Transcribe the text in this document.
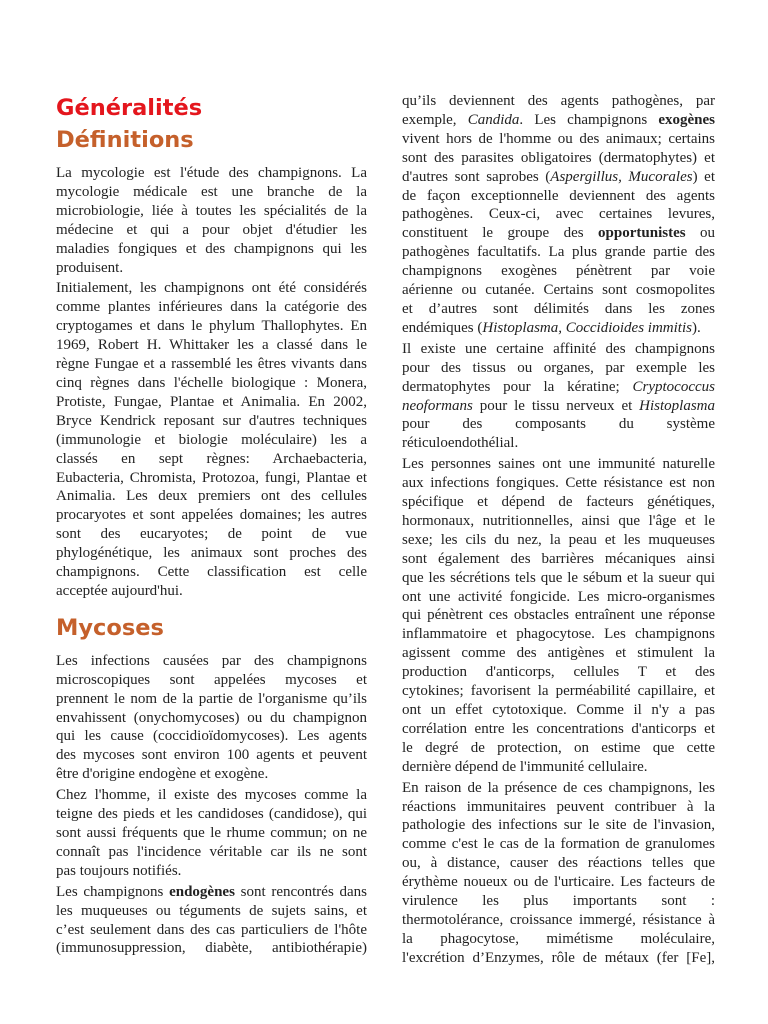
Généralités
Définitions
La mycologie est l'étude des champignons. La
mycologie médicale est une branche de la
microbiologie, liée à toutes les spécialités de la
médecine et qui a pour objet d'étudier les
maladies fongiques et des champignons qui les
produisent.
Initialement, les champignons ont été considérés
comme plantes inférieures dans la catégorie des
cryptogames et dans le phylum Thallophytes. En
1969, Robert H. Whittaker les a classé dans le
règne Fungae et a rassemblé les êtres vivants dans
cinq règnes dans l'échelle biologique : Monera,
Protiste, Fungae, Plantae et Animalia. En 2002,
Bryce Kendrick reposant sur d'autres techniques
(immunologie et biologie moléculaire) les a
classés en sept règnes: Archaebacteria,
Eubacteria, Chromista, Protozoa, fungi, Plantae et
Animalia. Les deux premiers ont des cellules
procaryotes et sont appelées domaines; les autres
sont des eucaryotes; de point de vue
phylogénétique, les animaux sont proches des
champignons. Cette classification est celle
acceptée aujourd'hui.
Mycoses
Les infections causées par des champignons
microscopiques sont appelées mycoses et
prennent le nom de la partie de l'organisme qu’ils
envahissent (onychomycoses) ou du champignon
qui les cause (coccidioïdomycoses). Les agents
des mycoses sont environ 100 agents et peuvent
être d'origine endogène et exogène.
Chez l'homme, il existe des mycoses comme la
teigne des pieds et les candidoses (candidose), qui
sont aussi fréquents que le rhume commun; on ne
connaît pas l'incidence véritable car ils ne sont
pas toujours notifiés.
Les champignons endogènes sont rencontrés dans
les muqueuses ou téguments de sujets sains, et
c’est seulement dans des cas particuliers de l'hôte
(immunosuppression, diabète, antibiothérapie)
qu’ils deviennent des agents pathogènes, par
exemple, Candida. Les champignons exogènes
vivent hors de l'homme ou des animaux; certains
sont des parasites obligatoires (dermatophytes) et
d'autres sont saprobes (Aspergillus, Mucorales) et
de façon exceptionnelle deviennent des agents
pathogènes. Ceux-ci, avec certaines levures,
constituent le groupe des opportunistes ou
pathogènes facultatifs. La plus grande partie des
champignons exogènes pénètrent par voie
aérienne ou cutanée. Certains sont cosmopolites
et d’autres sont délimités dans les zones
endémiques (Histoplasma, Coccidioides immitis).
Il existe une certaine affinité des champignons
pour des tissus ou organes, par exemple les
dermatophytes pour la kératine; Cryptococcus
neoformans pour le tissu nerveux et Histoplasma
pour des composants du système
réticuloendothélial.
Les personnes saines ont une immunité naturelle
aux infections fongiques. Cette résistance est non
spécifique et dépend de facteurs génétiques,
hormonaux, nutritionnelles, ainsi que l'âge et le
sexe; les cils du nez, la peau et les muqueuses
sont également des barrières mécaniques ainsi
que les sécrétions tels que le sébum et la sueur qui
ont une activité fongicide. Les micro-organismes
qui pénètrent ces obstacles entraînent une réponse
inflammatoire et phagocytose. Les champignons
agissent comme des antigènes et stimulent la
production d'anticorps, cellules T et des
cytokines; favorisent la perméabilité capillaire, et
ont un effet cytotoxique. Comme il n'y a pas
corrélation entre les concentrations d'anticorps et
le degré de protection, on estime que cette
dernière dépend de l'immunité cellulaire.
En raison de la présence de ces champignons, les
réactions immunitaires peuvent contribuer à la
pathologie des infections sur le site de l'invasion,
comme c'est le cas de la formation de granulomes
ou, à distance, causer des réactions telles que
érythème noueux ou de l'urticaire. Les facteurs de
virulence les plus importants sont :
thermotolérance, croissance immergé, résistance à
la phagocytose, mimétisme moléculaire,
l'excrétion d’Enzymes, rôle de métaux (fer [Fe],
